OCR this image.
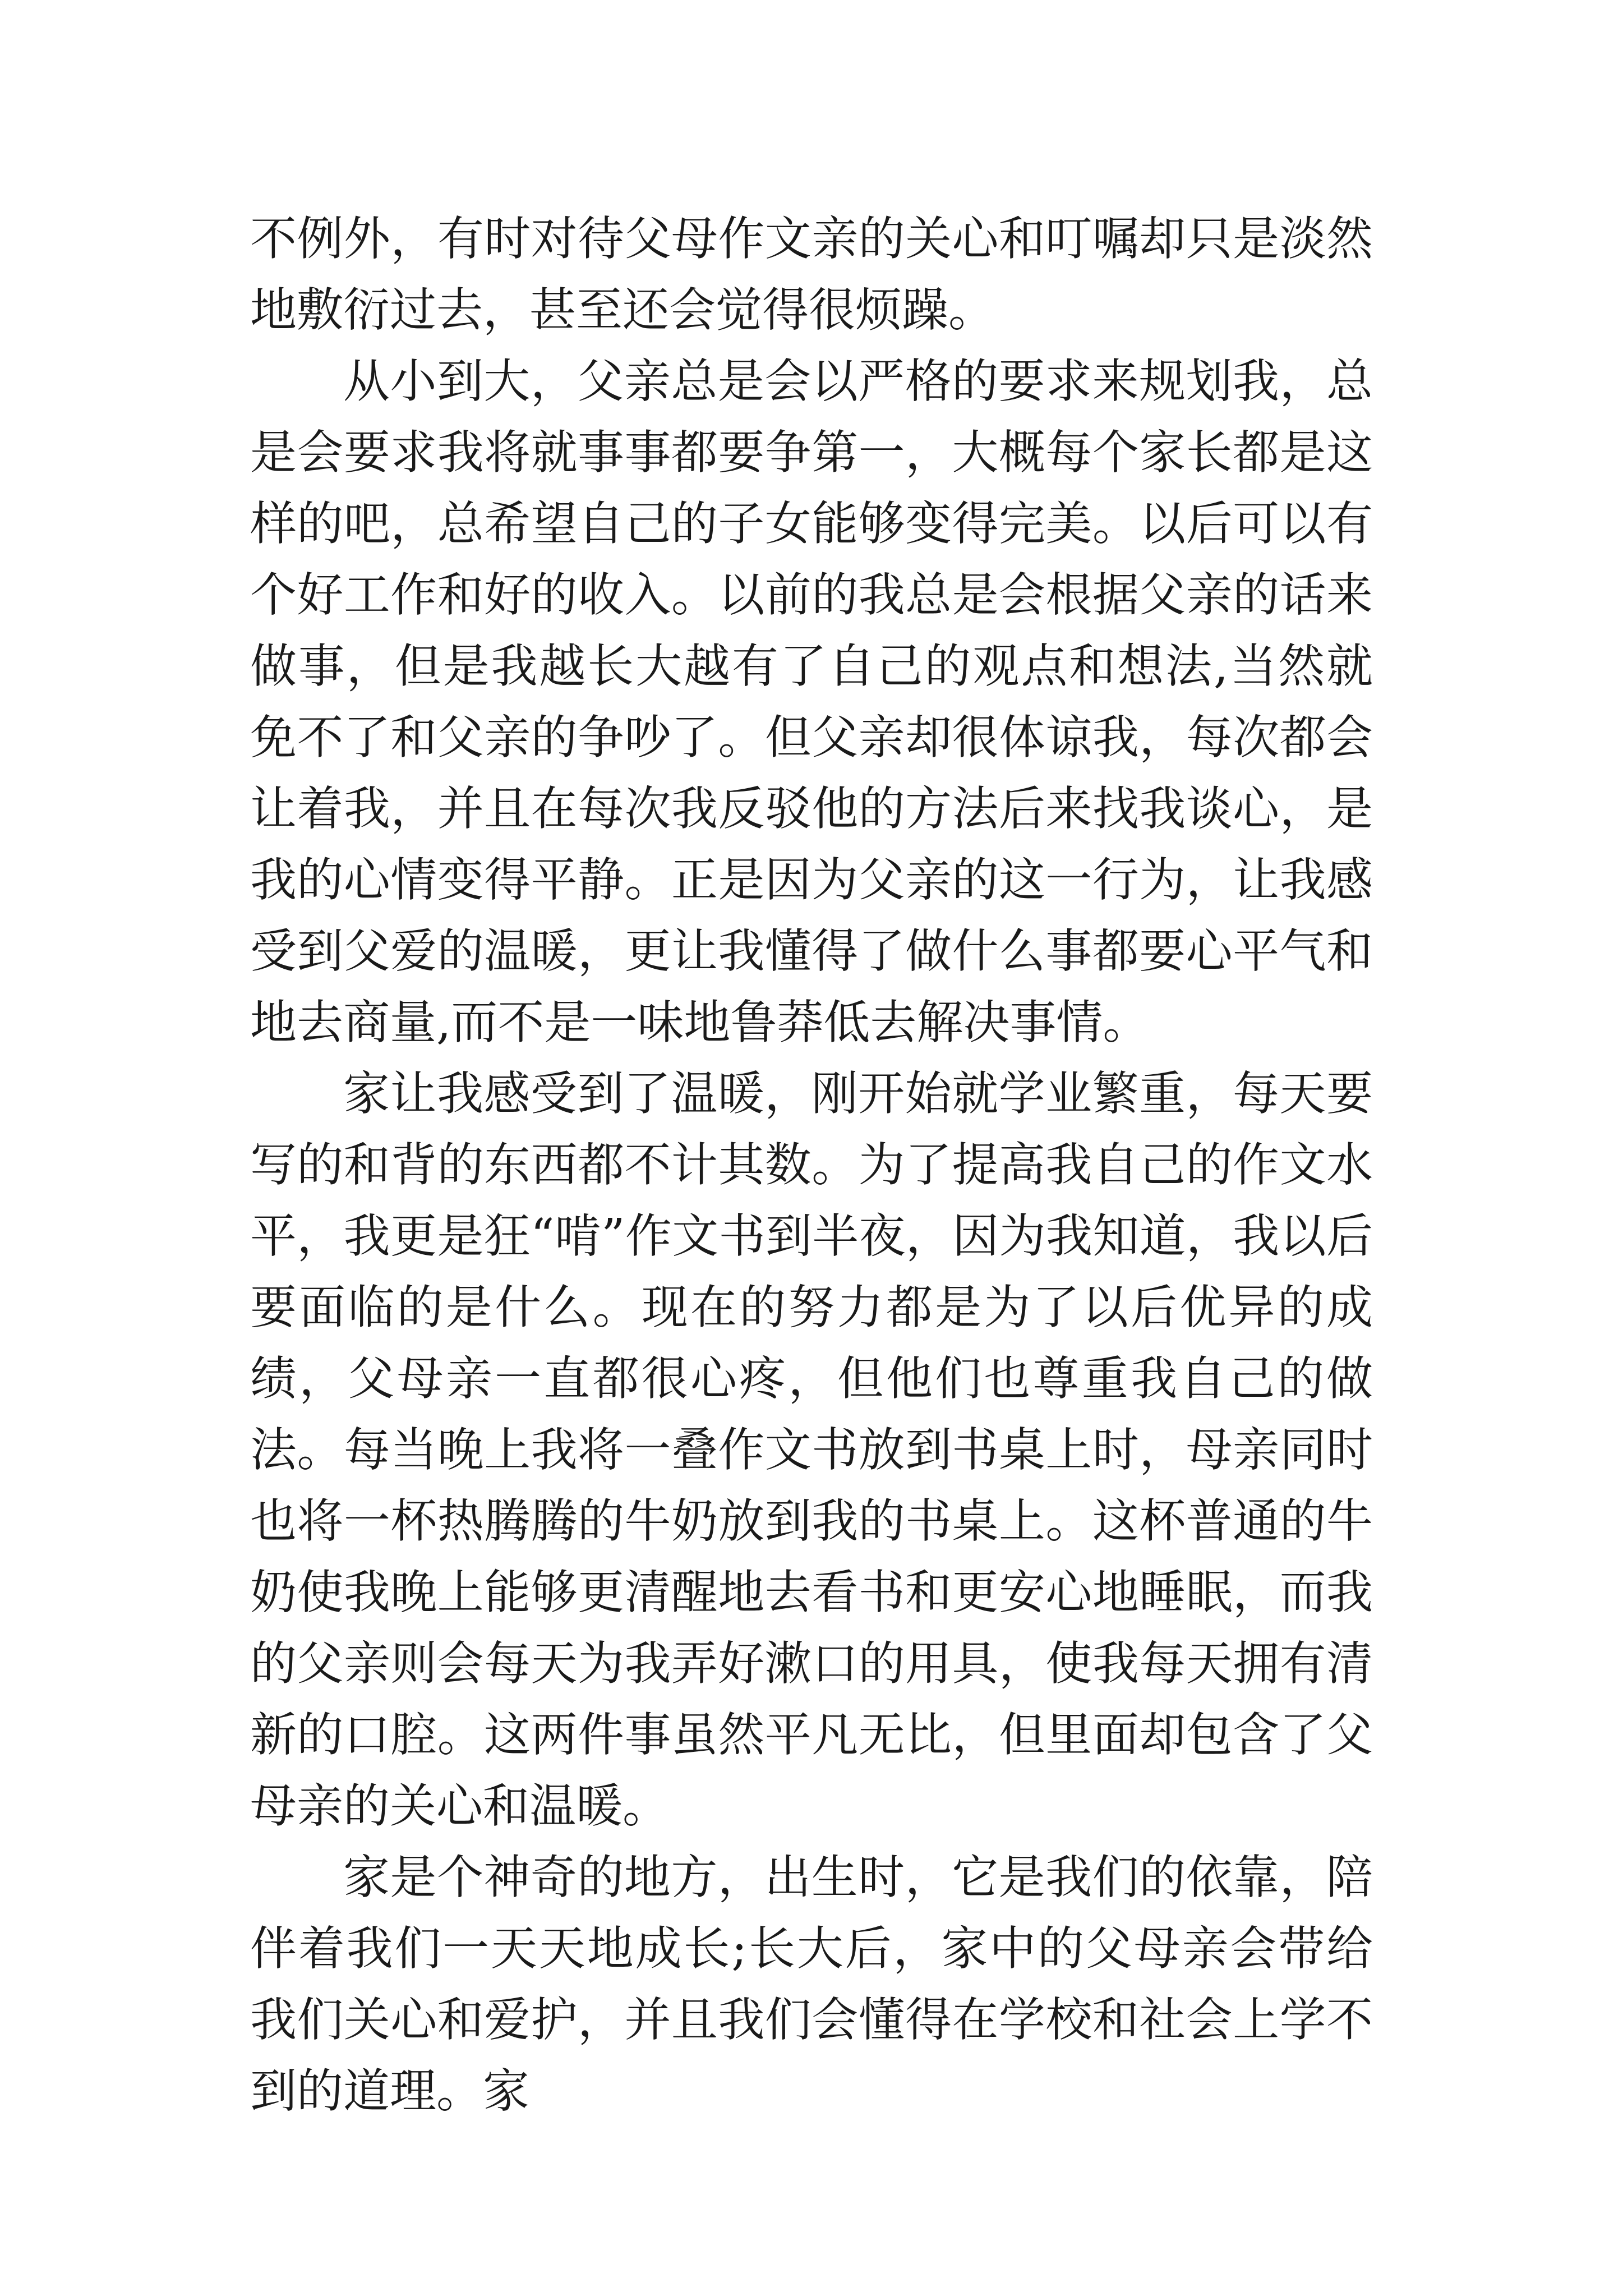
不例外，有时对待父母作文亲的关心和叮嘱却只是淡然地敷衍过去，甚至还会觉得很烦躁。

从小到大，父亲总是会以严格的要求来规划我，总是会要求我将就事事都要争第一，大概每个家长都是这样的吧，总希望自己的子女能够变得完美。以后可以有个好工作和好的收入。以前的我总是会根据父亲的话来做事，但是我越长大越有了自己的观点和想法,当然就免不了和父亲的争吵了。但父亲却很体谅我，每次都会让着我，并且在每次我反驳他的方法后来找我谈心，是我的心情变得平静。正是因为父亲的这一行为，让我感受到父爱的温暖，更让我懂得了做什么事都要心平气和地去商量,而不是一味地鲁莽低去解决事情。

家让我感受到了温暖，刚开始就学业繁重，每天要写的和背的东西都不计其数。为了提高我自己的作文水平，我更是狂“啃”作文书到半夜，因为我知道，我以后要面临的是什么。现在的努力都是为了以后优异的成绩，父母亲一直都很心疼，但他们也尊重我自己的做法。每当晚上我将一叠作文书放到书桌上时，母亲同时也将一杯热腾腾的牛奶放到我的书桌上。这杯普通的牛奶使我晚上能够更清醒地去看书和更安心地睡眠，而我的父亲则会每天为我弄好漱口的用具，使我每天拥有清新的口腔。这两件事虽然平凡无比，但里面却包含了父母亲的关心和温暖。

家是个神奇的地方，出生时，它是我们的依靠，陪伴着我们一天天地成长;长大后，家中的父母亲会带给我们关心和爱护，并且我们会懂得在学校和社会上学不到的道理。家
